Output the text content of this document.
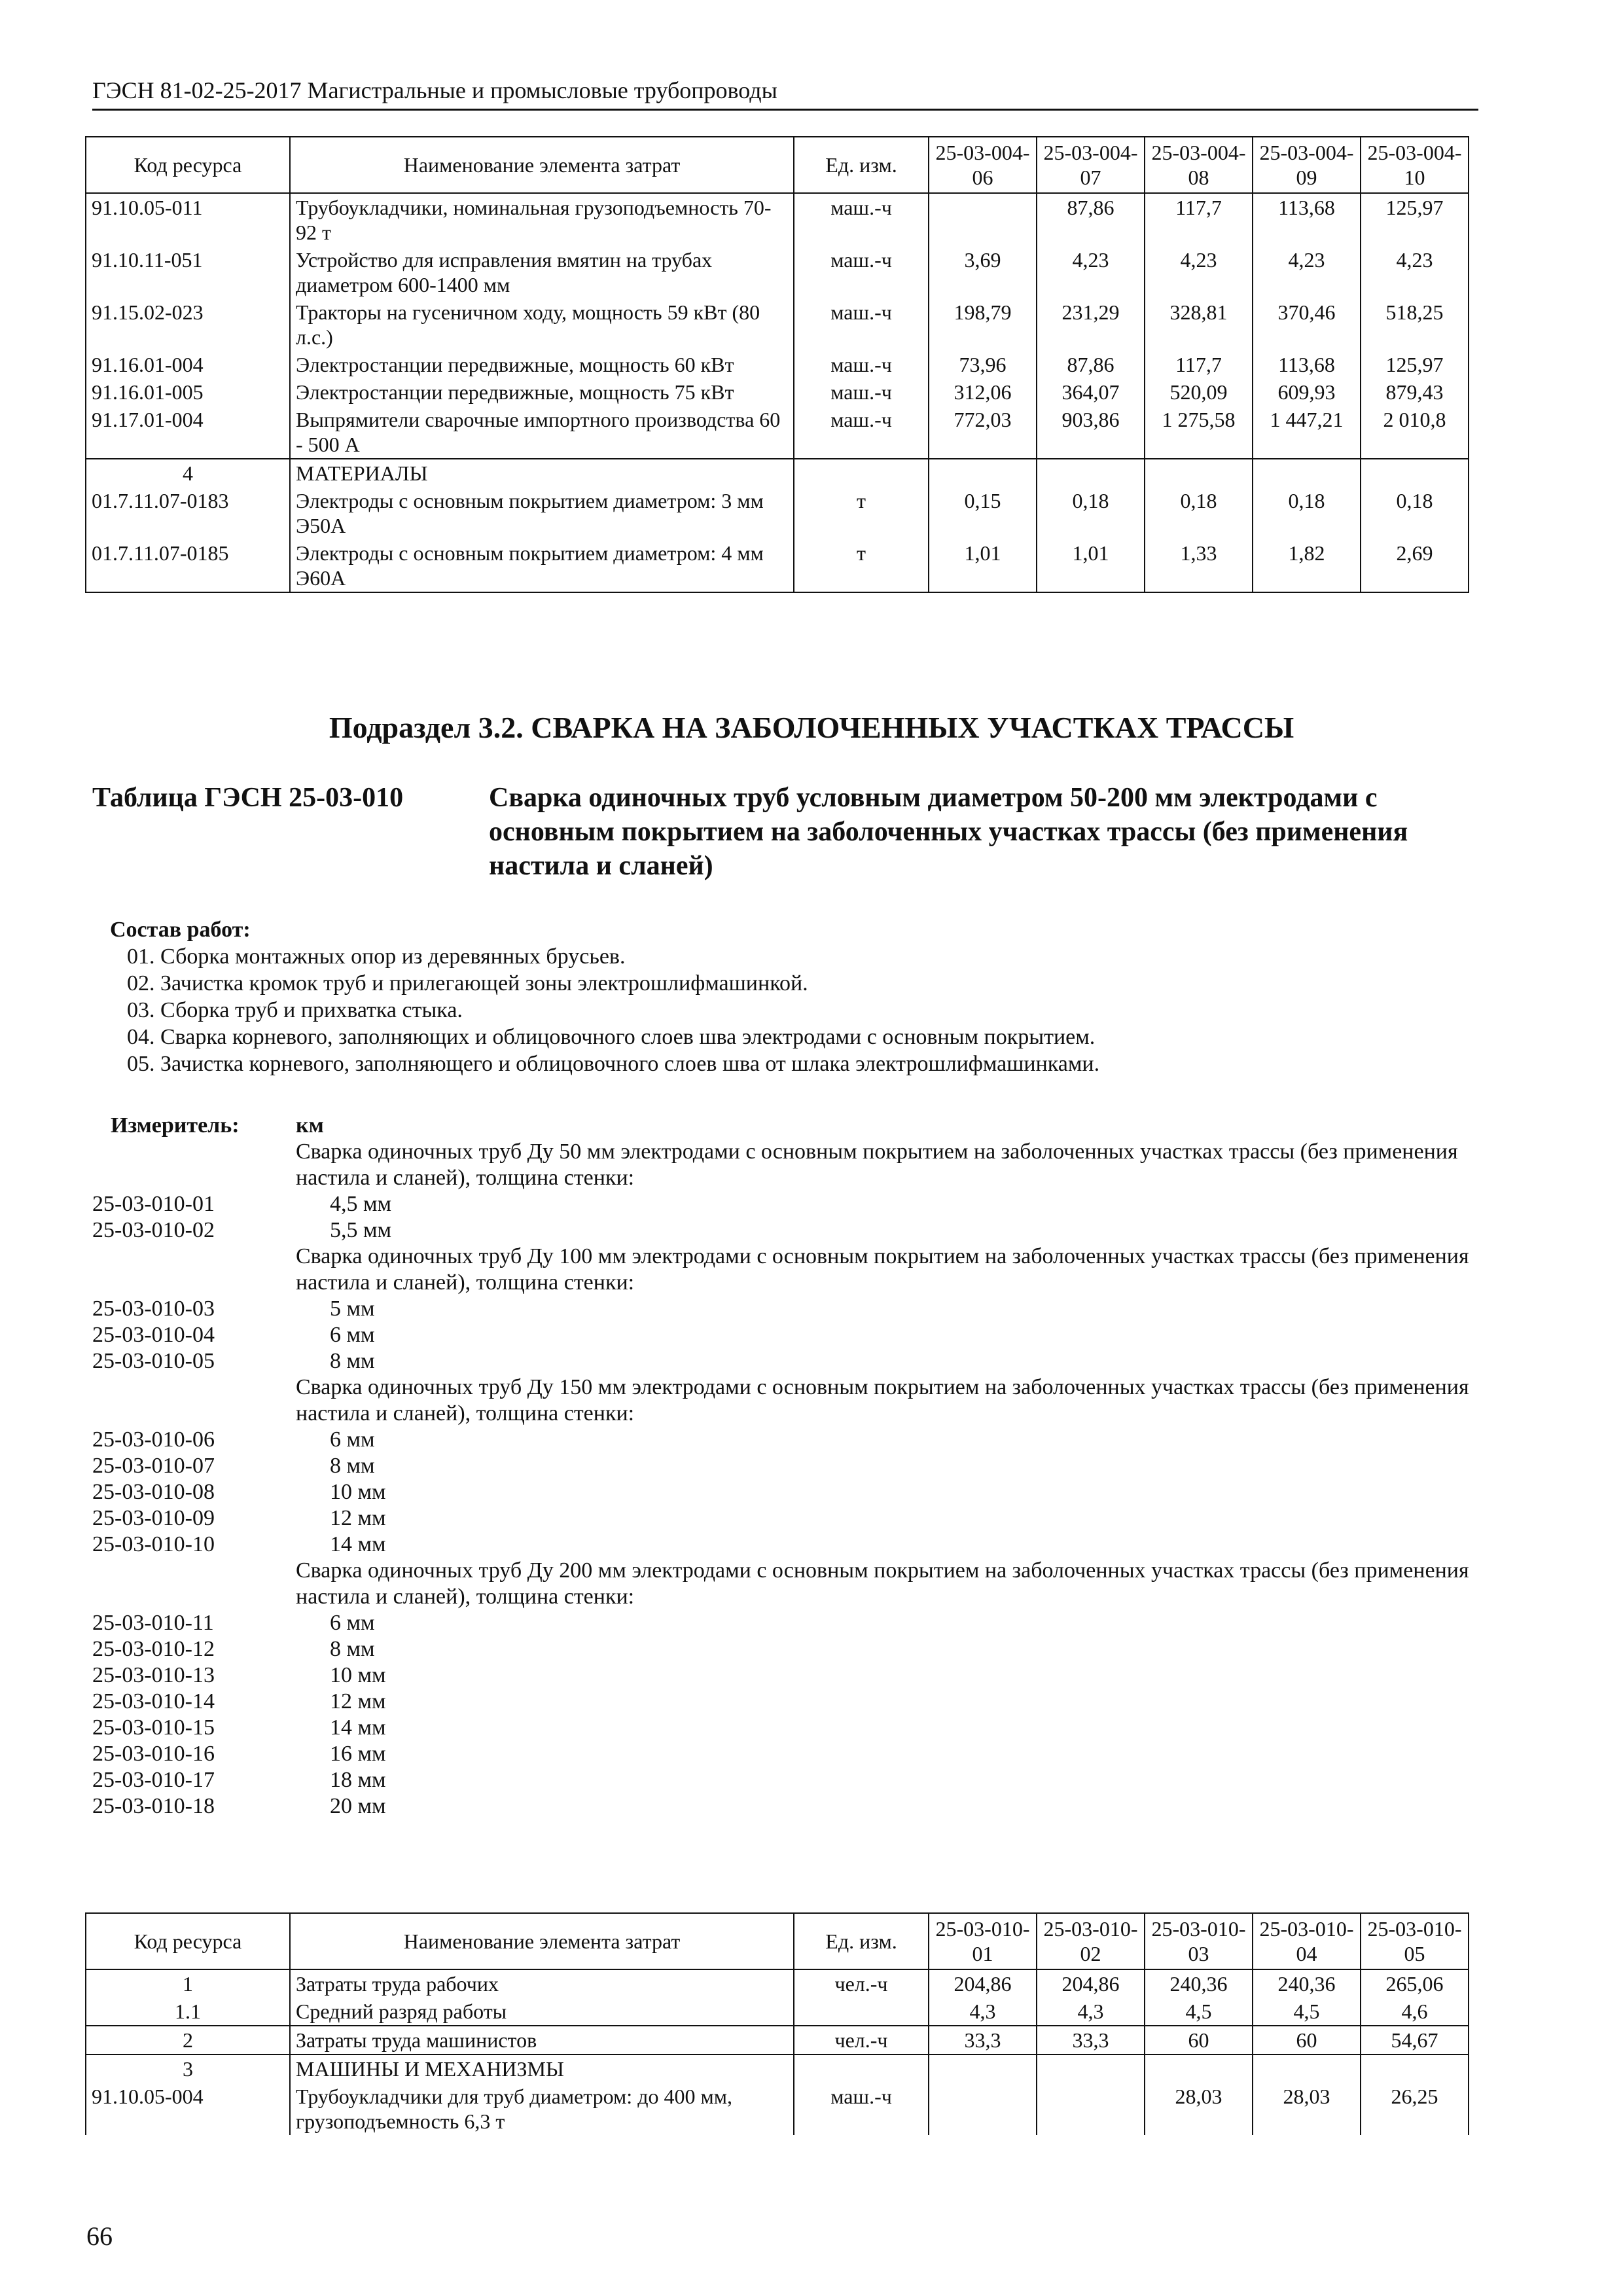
ГЭСН 81-02-25-2017 Магистральные и промысловые трубопроводы
Код ресурса	Наименование элемента затрат	Ед. изм.	25-03-004-06	25-03-004-07	25-03-004-08	25-03-004-09	25-03-004-10
91.10.05-011	Трубоукладчики, номинальная грузоподъемность 70-92 т	маш.-ч		87,86	117,7	113,68	125,97
91.10.11-051	Устройство для исправления вмятин на трубах диаметром 600-1400 мм	маш.-ч	3,69	4,23	4,23	4,23	4,23
91.15.02-023	Тракторы на гусеничном ходу, мощность 59 кВт (80 л.с.)	маш.-ч	198,79	231,29	328,81	370,46	518,25
91.16.01-004	Электростанции передвижные, мощность 60 кВт	маш.-ч	73,96	87,86	117,7	113,68	125,97
91.16.01-005	Электростанции передвижные, мощность 75 кВт	маш.-ч	312,06	364,07	520,09	609,93	879,43
91.17.01-004	Выпрямители сварочные импортного производства 60 - 500 А	маш.-ч	772,03	903,86	1 275,58	1 447,21	2 010,8
4	МАТЕРИАЛЫ						
01.7.11.07-0183	Электроды с основным покрытием диаметром: 3 мм Э50А	т	0,15	0,18	0,18	0,18	0,18
01.7.11.07-0185	Электроды с основным покрытием диаметром: 4 мм Э60А	т	1,01	1,01	1,33	1,82	2,69
Подраздел 3.2. СВАРКА НА ЗАБОЛОЧЕННЫХ УЧАСТКАХ ТРАССЫ
Таблица ГЭСН 25-03-010	Сварка одиночных труб условным диаметром 50-200 мм электродами с основным покрытием на заболоченных участках трассы (без применения настила и сланей)
Состав работ:
01. Сборка монтажных опор из деревянных брусьев.
02. Зачистка кромок труб и прилегающей зоны электрошлифмашинкой.
03. Сборка труб и прихватка стыка.
04. Сварка корневого, заполняющих и облицовочного слоев шва электродами с основным покрытием.
05. Зачистка корневого, заполняющего и облицовочного слоев шва от шлака электрошлифмашинками.
Измеритель:	км
Сварка одиночных труб Ду 50 мм электродами с основным покрытием на заболоченных участках трассы (без применения настила и сланей), толщина стенки:
25-03-010-01	4,5 мм
25-03-010-02	5,5 мм
Сварка одиночных труб Ду 100 мм электродами с основным покрытием на заболоченных участках трассы (без применения настила и сланей), толщина стенки:
25-03-010-03	5 мм
25-03-010-04	6 мм
25-03-010-05	8 мм
Сварка одиночных труб Ду 150 мм электродами с основным покрытием на заболоченных участках трассы (без применения настила и сланей), толщина стенки:
25-03-010-06	6 мм
25-03-010-07	8 мм
25-03-010-08	10 мм
25-03-010-09	12 мм
25-03-010-10	14 мм
Сварка одиночных труб Ду 200 мм электродами с основным покрытием на заболоченных участках трассы (без применения настила и сланей), толщина стенки:
25-03-010-11	6 мм
25-03-010-12	8 мм
25-03-010-13	10 мм
25-03-010-14	12 мм
25-03-010-15	14 мм
25-03-010-16	16 мм
25-03-010-17	18 мм
25-03-010-18	20 мм
Код ресурса	Наименование элемента затрат	Ед. изм.	25-03-010-01	25-03-010-02	25-03-010-03	25-03-010-04	25-03-010-05
1	Затраты труда рабочих	чел.-ч	204,86	204,86	240,36	240,36	265,06
1.1	Средний разряд работы		4,3	4,3	4,5	4,5	4,6
2	Затраты труда машинистов	чел.-ч	33,3	33,3	60	60	54,67
3	МАШИНЫ И МЕХАНИЗМЫ						
91.10.05-004	Трубоукладчики для труб диаметром: до 400 мм, грузоподъемность 6,3 т	маш.-ч			28,03	28,03	26,25
66
